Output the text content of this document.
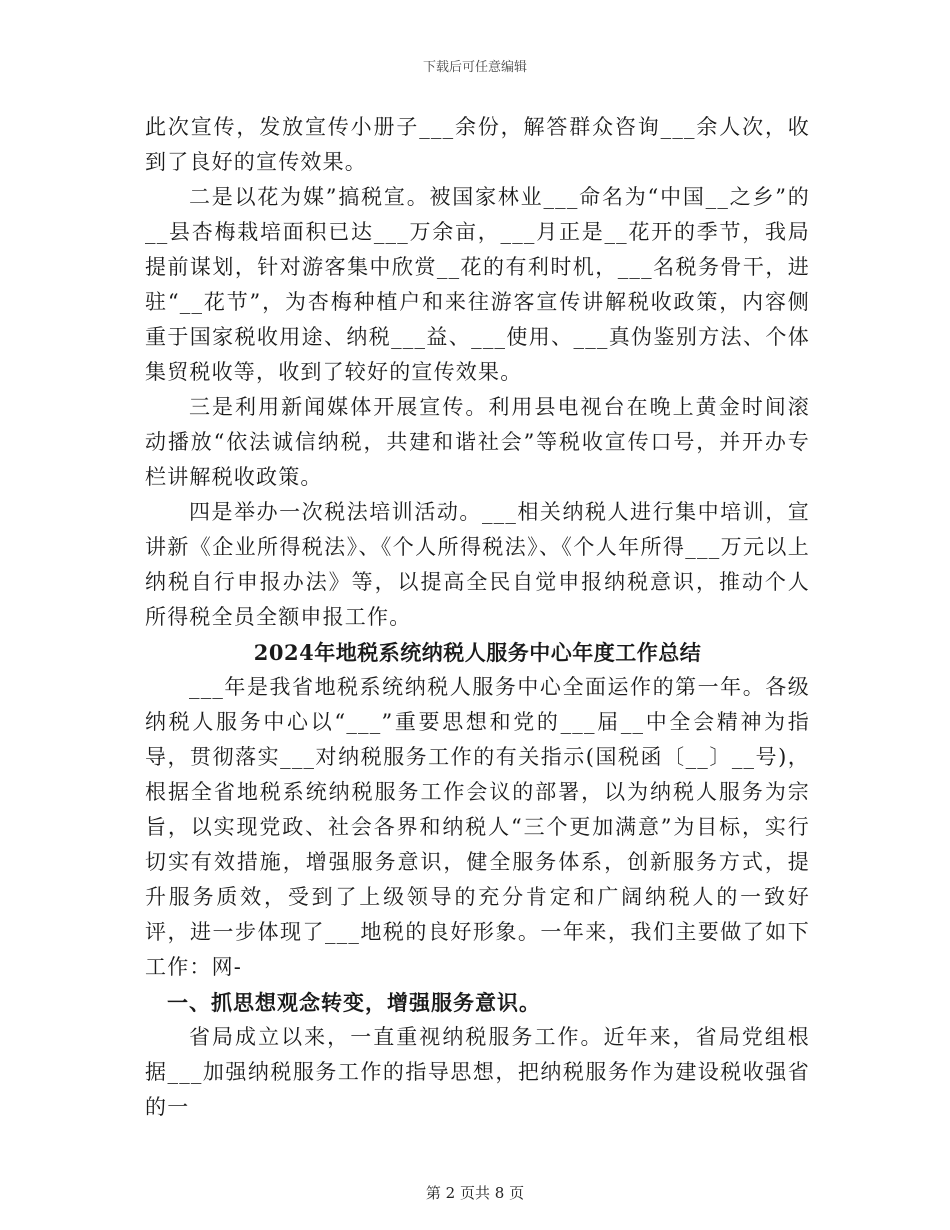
下载后可任意编辑

此次宣传，发放宣传小册子___余份，解答群众咨询___余人次，收到了良好的宣传效果。

二是以花为媒”搞税宣。被国家林业___命名为“中国__之乡”的__县杏梅栽培面积已达___万余亩，___月正是__花开的季节，我局提前谋划，针对游客集中欣赏__花的有利时机，___名税务骨干，进驻“__花节”，为杏梅种植户和来往游客宣传讲解税收政策，内容侧重于国家税收用途、纳税___益、___使用、___真伪鉴别方法、个体集贸税收等，收到了较好的宣传效果。

三是利用新闻媒体开展宣传。利用县电视台在晚上黄金时间滚动播放“依法诚信纳税，共建和谐社会”等税收宣传口号，并开办专栏讲解税收政策。

四是举办一次税法培训活动。___相关纳税人进行集中培训，宣讲新《企业所得税法》、《个人所得税法》、《个人年所得___万元以上纳税自行申报办法》等，以提高全民自觉申报纳税意识，推动个人所得税全员全额申报工作。

2024年地税系统纳税人服务中心年度工作总结

___年是我省地税系统纳税人服务中心全面运作的第一年。各级纳税人服务中心以“___”重要思想和党的___届__中全会精神为指导，贯彻落实___对纳税服务工作的有关指示(国税函〔__〕__号)，根据全省地税系统纳税服务工作会议的部署，以为纳税人服务为宗旨，以实现党政、社会各界和纳税人“三个更加满意”为目标，实行切实有效措施，增强服务意识，健全服务体系，创新服务方式，提升服务质效，受到了上级领导的充分肯定和广阔纳税人的一致好评，进一步体现了___地税的良好形象。一年来，我们主要做了如下工作：网-

一、抓思想观念转变，增强服务意识。

省局成立以来，一直重视纳税服务工作。近年来，省局党组根据___加强纳税服务工作的指导思想，把纳税服务作为建设税收强省的一

第 2 页共 8 页
